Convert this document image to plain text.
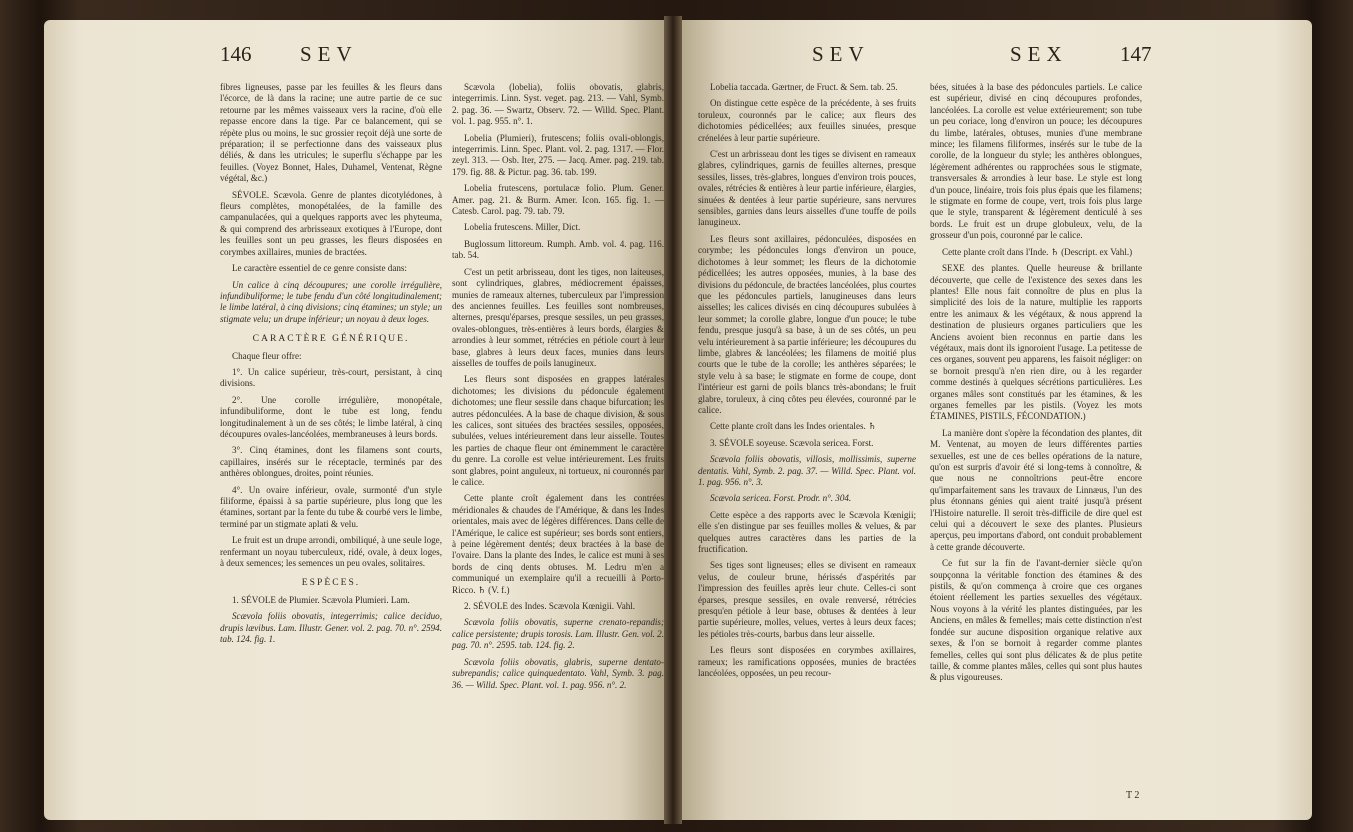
146 SEV	SEV	SEX 147

fibres ligneuses, passe par les feuilles & les fleurs dans l'écorce, de là dans la racine; une autre partie de ce suc retourne par les mêmes vaisseaux vers la racine, d'où elle repasse encore dans la tige. Par ce balancement, qui se répète plus ou moins, le suc grossier reçoit déjà une sorte de préparation; il se perfectionne dans des vaisseaux plus déliés, & dans les utricules; le superflu s'échappe par les feuilles. (Voyez Bonnet, Hales, Duhamel, Ventenat, Règne végétal, &c.)

SÉVOLE. Scævola. Genre de plantes dicotylédones, à fleurs complètes, monopétalées, de la famille des campanulacées, qui a quelques rapports avec les phyteuma, & qui comprend des arbrisseaux exotiques à l'Europe, dont les feuilles sont un peu grasses, les fleurs disposées en corymbes axillaires, munies de bractées.

Le caractère essentiel de ce genre consiste dans:

Un calice à cinq découpures; une corolle irrégulière, infundibuliforme; le tube fendu d'un côté longitudinalement; le limbe latéral, à cinq divisions; cinq étamines; un style; un stigmate velu; un drupe inférieur; un noyau à deux loges.

CARACTÈRE GÉNÉRIQUE.

Chaque fleur offre:

1°. Un calice supérieur, très-court, persistant, à cinq divisions.

2°. Une corolle irrégulière, monopétale, infundibuliforme, dont le tube est long, fendu longitudinalement à un de ses côtés; le limbe latéral, à cinq découpures ovales-lancéolées, membraneuses à leurs bords.

3°. Cinq étamines, dont les filamens sont courts, capillaires, insérés sur le réceptacle, terminés par des anthères oblongues, droites, point réunies.

4°. Un ovaire inférieur, ovale, surmonté d'un style filiforme, épaissi à sa partie supérieure, plus long que les étamines, sortant par la fente du tube & courbé vers le limbe, terminé par un stigmate aplati & velu.

Le fruit est un drupe arrondi, ombiliqué, à une seule loge, renfermant un noyau tuberculeux, ridé, ovale, à deux loges, à deux semences; les semences un peu ovales, solitaires.

ESPÈCES.

1. SÉVOLE de Plumier. Scævola Plumieri. Lam.

Scævola foliis obovatis, integerrimis; calice deciduo, drupis lævibus. Lam. Illustr. Gener. vol. 2. pag. 70. n°. 2594. tab. 124. fig. 1.

Scævola (lobelia), foliis obovatis, glabris, integerrimis. Linn. Syst. veget. pag. 213. — Vahl, Symb. 2. pag. 36. — Swartz, Observ. 72. — Willd. Spec. Plant. vol. 1. pag. 955. n°. 1.

Lobelia (Plumieri), frutescens; foliis ovali-oblongis, integerrimis. Linn. Spec. Plant. vol. 2. pag. 1317. — Flor. zeyl. 313. — Osb. Iter, 275. — Jacq. Amer. pag. 219. tab. 179. fig. 88. & Pictur. pag. 36. tab. 199.

Lobelia frutescens, portulacæ folio. Plum. Gener. Amer. pag. 21. & Burm. Amer. Icon. 165. fig. 1. — Catesb. Carol. pag. 79. tab. 79.

Lobelia frutescens. Miller, Dict.

Buglossum littoreum. Rumph. Amb. vol. 4. pag. 116. tab. 54.

C'est un petit arbrisseau, dont les tiges, non laiteuses, sont cylindriques, glabres, médiocrement épaisses, munies de rameaux alternes, tuberculeux par l'impression des anciennes feuilles. Les feuilles sont nombreuses, alternes, presqu'éparses, presque sessiles, un peu grasses, ovales-oblongues, très-entières à leurs bords, élargies & arrondies à leur sommet, rétrécies en pétiole court à leur base, glabres à leurs deux faces, munies dans leurs aisselles de touffes de poils lanugineux.

Les fleurs sont disposées en grappes latérales dichotomes; les divisions du pédoncule également dichotomes; une fleur sessile dans chaque bifurcation; les autres pédonculées. A la base de chaque division, & sous les calices, sont situées des bractées sessiles, opposées, subulées, velues intérieurement dans leur aisselle. Toutes les parties de chaque fleur ont éminemment le caractère du genre. La corolle est velue intérieurement. Les fruits sont glabres, point anguleux, ni tortueux, ni couronnés par le calice.

Cette plante croît également dans les contrées méridionales & chaudes de l'Amérique, & dans les Indes orientales, mais avec de légères différences. Dans celle de l'Amérique, le calice est supérieur; ses bords sont entiers, à peine légèrement dentés; deux bractées à la base de l'ovaire. Dans la plante des Indes, le calice est muni à ses bords de cinq dents obtuses. M. Ledru m'en a communiqué un exemplaire qu'il a recueilli à Porto-Ricco. ♄ (V. f.)

2. SÉVOLE des Indes. Scævola Kœnigii. Vahl.

Scævola foliis obovatis, superne crenato-repandis; calice persistente; drupis torosis. Lam. Illustr. Gen. vol. 2. pag. 70. n°. 2595. tab. 124. fig. 2.

Scævola foliis obovatis, glabris, superne dentato-subrepandis; calice quinquedentato. Vahl, Symb. 3. pag. 36. — Willd. Spec. Plant. vol. 1. pag. 956. n°. 2.

Lobelia taccada. Gærtner, de Fruct. & Sem. tab. 25.

On distingue cette espèce de la précédente, à ses fruits toruleux, couronnés par le calice; aux fleurs des dichotomies pédicellées; aux feuilles sinuées, presque crénelées à leur partie supérieure.

C'est un arbrisseau dont les tiges se divisent en rameaux glabres, cylindriques, garnis de feuilles alternes, presque sessiles, lisses, très-glabres, longues d'environ trois pouces, ovales, rétrécies & entières à leur partie inférieure, élargies, sinuées & dentées à leur partie supérieure, sans nervures sensibles, garnies dans leurs aisselles d'une touffe de poils lanugineux.

Les fleurs sont axillaires, pédonculées, disposées en corymbe; les pédoncules longs d'environ un pouce, dichotomes à leur sommet; les fleurs de la dichotomie pédicellées; les autres opposées, munies, à la base des divisions du pédoncule, de bractées lancéolées, plus courtes que les pédoncules partiels, lanugineuses dans leurs aisselles; les calices divisés en cinq découpures subulées à leur sommet; la corolle glabre, longue d'un pouce; le tube fendu, presque jusqu'à sa base, à un de ses côtés, un peu velu intérieurement à sa partie inférieure; les découpures du limbe, glabres & lancéolées; les filamens de moitié plus courts que le tube de la corolle; les anthères séparées; le style velu à sa base; le stigmate en forme de coupe, dont l'intérieur est garni de poils blancs très-abondans; le fruit glabre, toruleux, à cinq côtes peu élevées, couronné par le calice.

Cette plante croît dans les Indes orientales. ♄

3. SÉVOLE soyeuse. Scævola sericea. Forst.

Scævola foliis obovatis, villosis, mollissimis, superne dentatis. Vahl, Symb. 2. pag. 37. — Willd. Spec. Plant. vol. 1. pag. 956. n°. 3.

Scævola sericea. Forst. Prodr. n°. 304.

Cette espèce a des rapports avec le Scævola Kœnigii; elle s'en distingue par ses feuilles molles & velues, & par quelques autres caractères dans les parties de la fructification.

Ses tiges sont ligneuses; elles se divisent en rameaux velus, de couleur brune, hérissés d'aspérités par l'impression des feuilles après leur chute. Celles-ci sont éparses, presque sessiles, en ovale renversé, rétrécies presqu'en pétiole à leur base, obtuses & dentées à leur partie supérieure, molles, velues, vertes à leurs deux faces; les pétioles très-courts, barbus dans leur aisselle.

Les fleurs sont disposées en corymbes axillaires, rameux; les ramifications opposées, munies de bractées lancéolées, opposées, un peu recour-

bées, situées à la base des pédoncules partiels. Le calice est supérieur, divisé en cinq découpures profondes, lancéolées. La corolle est velue extérieurement; son tube un peu coriace, long d'environ un pouce; les découpures du limbe, latérales, obtuses, munies d'une membrane mince; les filamens filiformes, insérés sur le tube de la corolle, de la longueur du style; les anthères oblongues, légèrement adhérentes ou rapprochées sous le stigmate, transversales & arrondies à leur base. Le style est long d'un pouce, linéaire, trois fois plus épais que les filamens; le stigmate en forme de coupe, vert, trois fois plus large que le style, transparent & légèrement denticulé à ses bords. Le fruit est un drupe globuleux, velu, de la grosseur d'un pois, couronné par le calice.

Cette plante croît dans l'Inde. ♄ (Descript. ex Vahl.)

SEXE des plantes. Quelle heureuse & brillante découverte, que celle de l'existence des sexes dans les plantes! Elle nous fait connoître de plus en plus la simplicité des lois de la nature, multiplie les rapports entre les animaux & les végétaux, & nous apprend la destination de plusieurs organes particuliers que les Anciens avoient bien reconnus en partie dans les végétaux, mais dont ils ignoroient l'usage. La petitesse de ces organes, souvent peu apparens, les faisoit négliger: on se bornoit presqu'à n'en rien dire, ou à les regarder comme destinés à quelques sécrétions particulières. Les organes mâles sont constitués par les étamines, & les organes femelles par les pistils. (Voyez les mots ÉTAMINES, PISTILS, FÉCONDATION.)

La manière dont s'opère la fécondation des plantes, dit M. Ventenat, au moyen de leurs différentes parties sexuelles, est une de ces belles opérations de la nature, qu'on est surpris d'avoir été si long-tems à connoître, & que nous ne connoîtrions peut-être encore qu'imparfaitement sans les travaux de Linnæus, l'un des plus étonnans génies qui aient traité jusqu'à présent l'Histoire naturelle. Il seroit très-difficile de dire quel est celui qui a découvert le sexe des plantes. Plusieurs aperçus, peu importans d'abord, ont conduit probablement à cette grande découverte.

Ce fut sur la fin de l'avant-dernier siècle qu'on soupçonna la véritable fonction des étamines & des pistils, & qu'on commença à croire que ces organes étoient réellement les parties sexuelles des végétaux. Nous voyons à la vérité les plantes distinguées, par les Anciens, en mâles & femelles; mais cette distinction n'est fondée sur aucune disposition organique relative aux sexes, & l'on se bornoit à regarder comme plantes femelles, celles qui sont plus délicates & de plus petite taille, & comme plantes mâles, celles qui sont plus hautes & plus vigoureuses.

T 2
